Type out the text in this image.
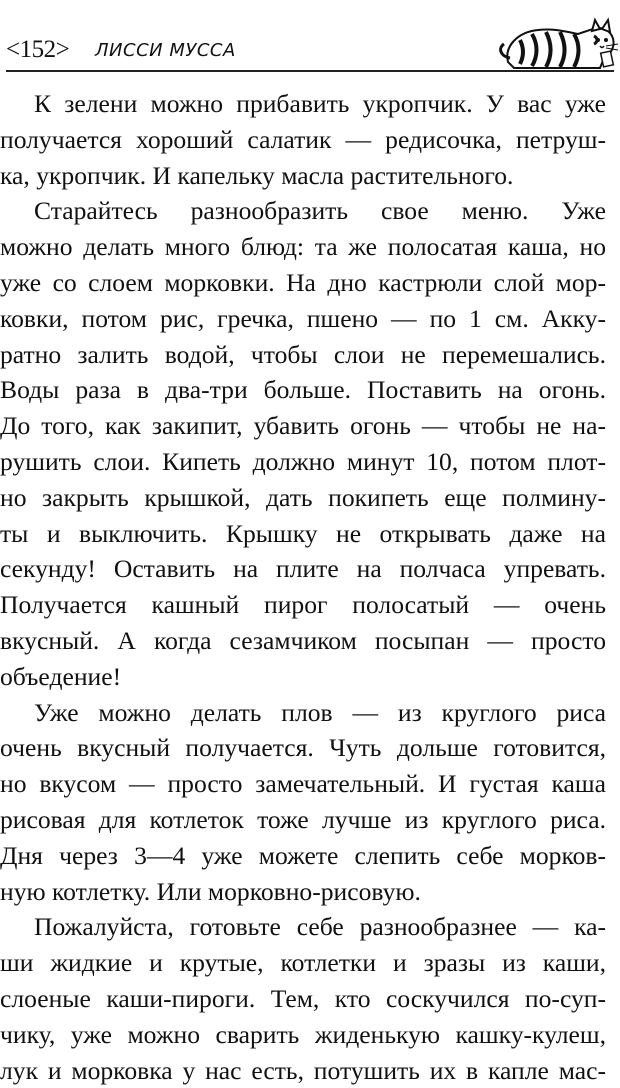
<152> ЛИССИ МУССА
К зелени можно прибавить укропчик. У вас уже
получается хороший салатик — редисочка, петруш-
ка, укропчик. И капельку масла растительного.
Старайтесь разнообразить свое меню. Уже
можно делать много блюд: та же полосатая каша, но
уже со слоем морковки. На дно кастрюли слой мор-
ковки, потом рис, гречка, пшено — по 1 см. Акку-
ратно залить водой, чтобы слои не перемешались.
Воды раза в два-три больше. Поставить на огонь.
До того, как закипит, убавить огонь — чтобы не на-
рушить слои. Кипеть должно минут 10, потом плот-
но закрыть крышкой, дать покипеть еще полмину-
ты и выключить. Крышку не открывать даже на
секунду! Оставить на плите на полчаса упревать.
Получается кашный пирог полосатый — очень
вкусный. А когда сезамчиком посыпан — просто
объедение!
Уже можно делать плов — из круглого риса
очень вкусный получается. Чуть дольше готовится,
но вкусом — просто замечательный. И густая каша
рисовая для котлеток тоже лучше из круглого риса.
Дня через 3—4 уже можете слепить себе морков-
ную котлетку. Или морковно-рисовую.
Пожалуйста, готовьте себе разнообразнее — ка-
ши жидкие и крутые, котлетки и зразы из каши,
слоеные каши-пироги. Тем, кто соскучился по-суп-
чику, уже можно сварить жиденькую кашку-кулеш,
лук и морковка у нас есть, потушить их в капле мас-
